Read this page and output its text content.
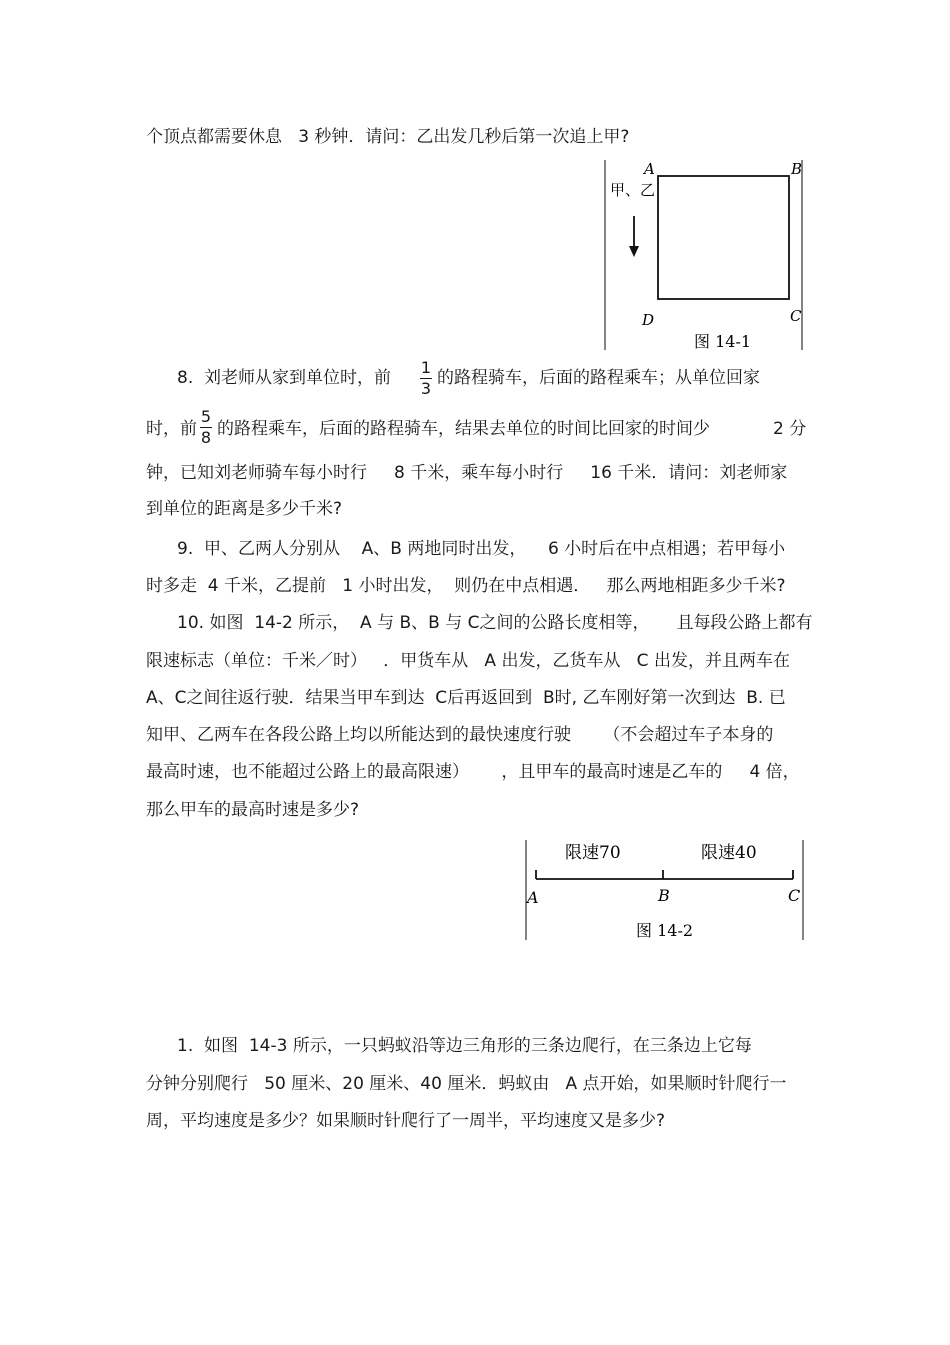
个顶点都需要休息   3 秒钟．请问：乙出发几秒后第一次追上甲?
A	B
D	C
甲、乙
图 14-1
8.  刘老师从家到单位时，前
1
3
的路程骑车，后面的路程乘车；从单位回家
时，前
5
8 的路程乘车，后面的路程骑车，结果去单位的时间比回家的时间少	2 分
钟，已知刘老师骑车每小时行     8 千米，乘车每小时行     16 千米．请问：刘老师家
到单位的距离是多少千米?
9.  甲、乙两人分别从    A、B 两地同时出发，    6 小时后在中点相遇；若甲每小
时多走  4 千米，乙提前   1 小时出发，  则仍在中点相遇．   那么两地相距多少千米?
10. 如图  14-2 所示，  A 与 B、B 与 C之间的公路长度相等，     且每段公路上都有
限速标志（单位：千米／时）   ．甲货车从   A 出发，乙货车从   C 出发，并且两车在
A、C之间往返行驶．结果当甲车到达  C后再返回到  B时, 乙车刚好第一次到达  B. 已
知甲、乙两车在各段公路上均以所能达到的最快速度行驶      （不会超过车子本身的
最高时速，也不能超过公路上的最高限速）      ，且甲车的最高时速是乙车的     4 倍，
那么甲车的最高时速是多少?
限速70	限速40
A	B	C
图 14-2
1.  如图  14-3 所示，一只蚂蚁沿等边三角形的三条边爬行，在三条边上它每
分钟分别爬行   50 厘米、20 厘米、40 厘米．蚂蚁由   A 点开始，如果顺时针爬行一
周，平均速度是多少？如果顺时针爬行了一周半，平均速度又是多少?
